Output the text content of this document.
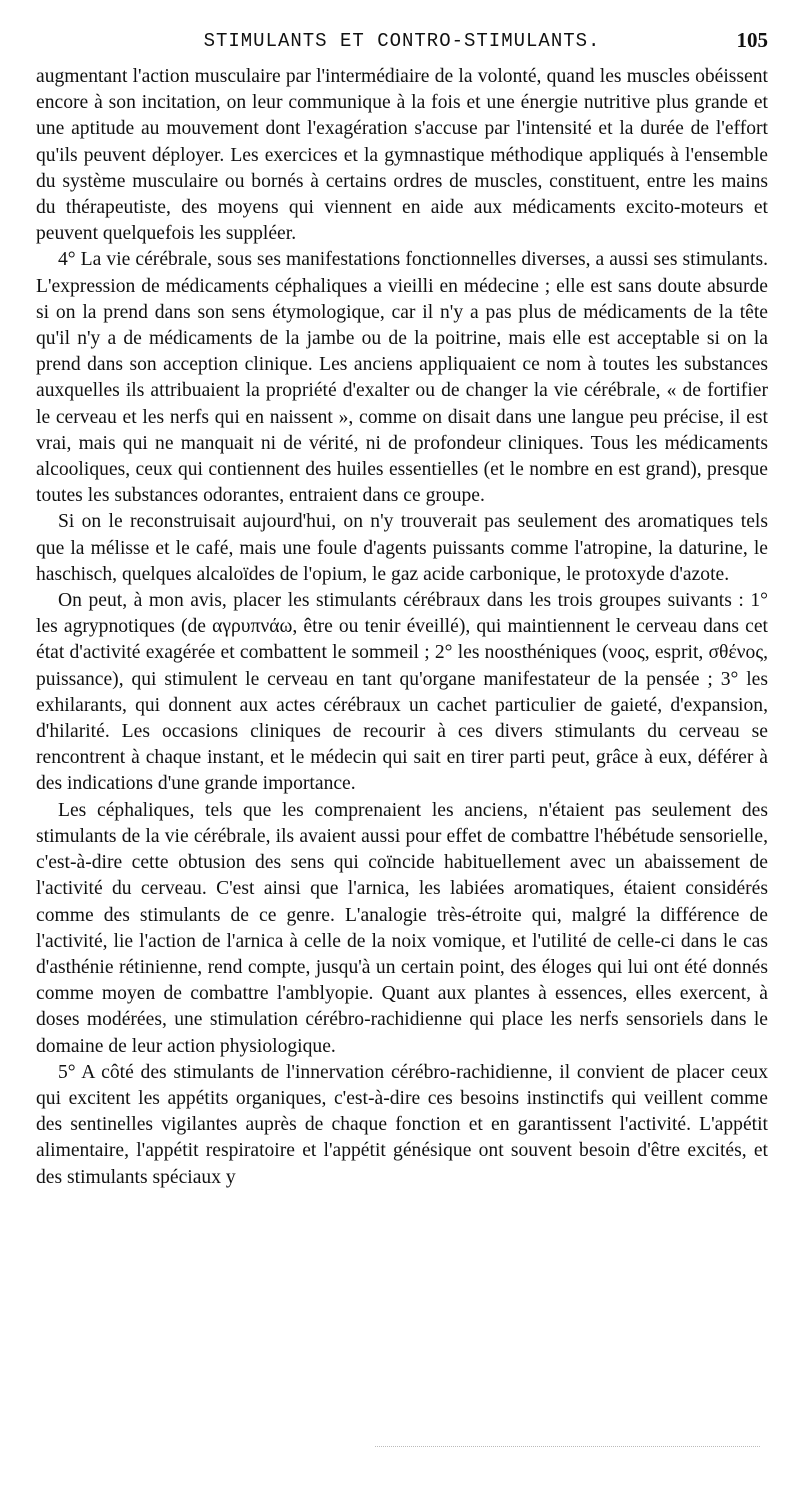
STIMULANTS ET CONTRO-STIMULANTS.	105

augmentant l'action musculaire par l'intermédiaire de la volonté, quand les muscles obéissent encore à son incitation, on leur communique à la fois et une énergie nutritive plus grande et une aptitude au mouvement dont l'exagération s'accuse par l'intensité et la durée de l'effort qu'ils peuvent déployer. Les exercices et la gymnastique méthodique appliqués à l'ensemble du système musculaire ou bornés à certains ordres de muscles, constituent, entre les mains du thérapeutiste, des moyens qui viennent en aide aux médicaments excito-moteurs et peuvent quelquefois les suppléer.

4° La vie cérébrale, sous ses manifestations fonctionnelles diverses, a aussi ses stimulants. L'expression de médicaments céphaliques a vieilli en médecine ; elle est sans doute absurde si on la prend dans son sens étymologique, car il n'y a pas plus de médicaments de la tête qu'il n'y a de médicaments de la jambe ou de la poitrine, mais elle est acceptable si on la prend dans son acception clinique. Les anciens appliquaient ce nom à toutes les substances auxquelles ils attribuaient la propriété d'exalter ou de changer la vie cérébrale, « de fortifier le cerveau et les nerfs qui en naissent », comme on disait dans une langue peu précise, il est vrai, mais qui ne manquait ni de vérité, ni de profondeur cliniques. Tous les médicaments alcooliques, ceux qui contiennent des huiles essentielles (et le nombre en est grand), presque toutes les substances odorantes, entraient dans ce groupe.

Si on le reconstruisait aujourd'hui, on n'y trouverait pas seulement des aromatiques tels que la mélisse et le café, mais une foule d'agents puissants comme l'atropine, la daturine, le haschisch, quelques alcaloïdes de l'opium, le gaz acide carbonique, le protoxyde d'azote.

On peut, à mon avis, placer les stimulants cérébraux dans les trois groupes suivants : 1° les agrypnotiques (de αγρυπνάω, être ou tenir éveillé), qui maintiennent le cerveau dans cet état d'activité exagérée et combattent le sommeil ; 2° les noosthéniques (νοος, esprit, σθένος, puissance), qui stimulent le cerveau en tant qu'organe manifestateur de la pensée ; 3° les exhilarants, qui donnent aux actes cérébraux un cachet particulier de gaieté, d'expansion, d'hilarité. Les occasions cliniques de recourir à ces divers stimulants du cerveau se rencontrent à chaque instant, et le médecin qui sait en tirer parti peut, grâce à eux, déférer à des indications d'une grande importance.

Les céphaliques, tels que les comprenaient les anciens, n'étaient pas seulement des stimulants de la vie cérébrale, ils avaient aussi pour effet de combattre l'hébétude sensorielle, c'est-à-dire cette obtusion des sens qui coïncide habituellement avec un abaissement de l'activité du cerveau. C'est ainsi que l'arnica, les labiées aromatiques, étaient considérés comme des stimulants de ce genre. L'analogie très-étroite qui, malgré la différence de l'activité, lie l'action de l'arnica à celle de la noix vomique, et l'utilité de celle-ci dans le cas d'asthénie rétinienne, rend compte, jusqu'à un certain point, des éloges qui lui ont été donnés comme moyen de combattre l'amblyopie. Quant aux plantes à essences, elles exercent, à doses modérées, une stimulation cérébro-rachidienne qui place les nerfs sensoriels dans le domaine de leur action physiologique.

5° A côté des stimulants de l'innervation cérébro-rachidienne, il convient de placer ceux qui excitent les appétits organiques, c'est-à-dire ces besoins instinctifs qui veillent comme des sentinelles vigilantes auprès de chaque fonction et en garantissent l'activité. L'appétit alimentaire, l'appétit respiratoire et l'appétit génésique ont souvent besoin d'être excités, et des stimulants spéciaux y
